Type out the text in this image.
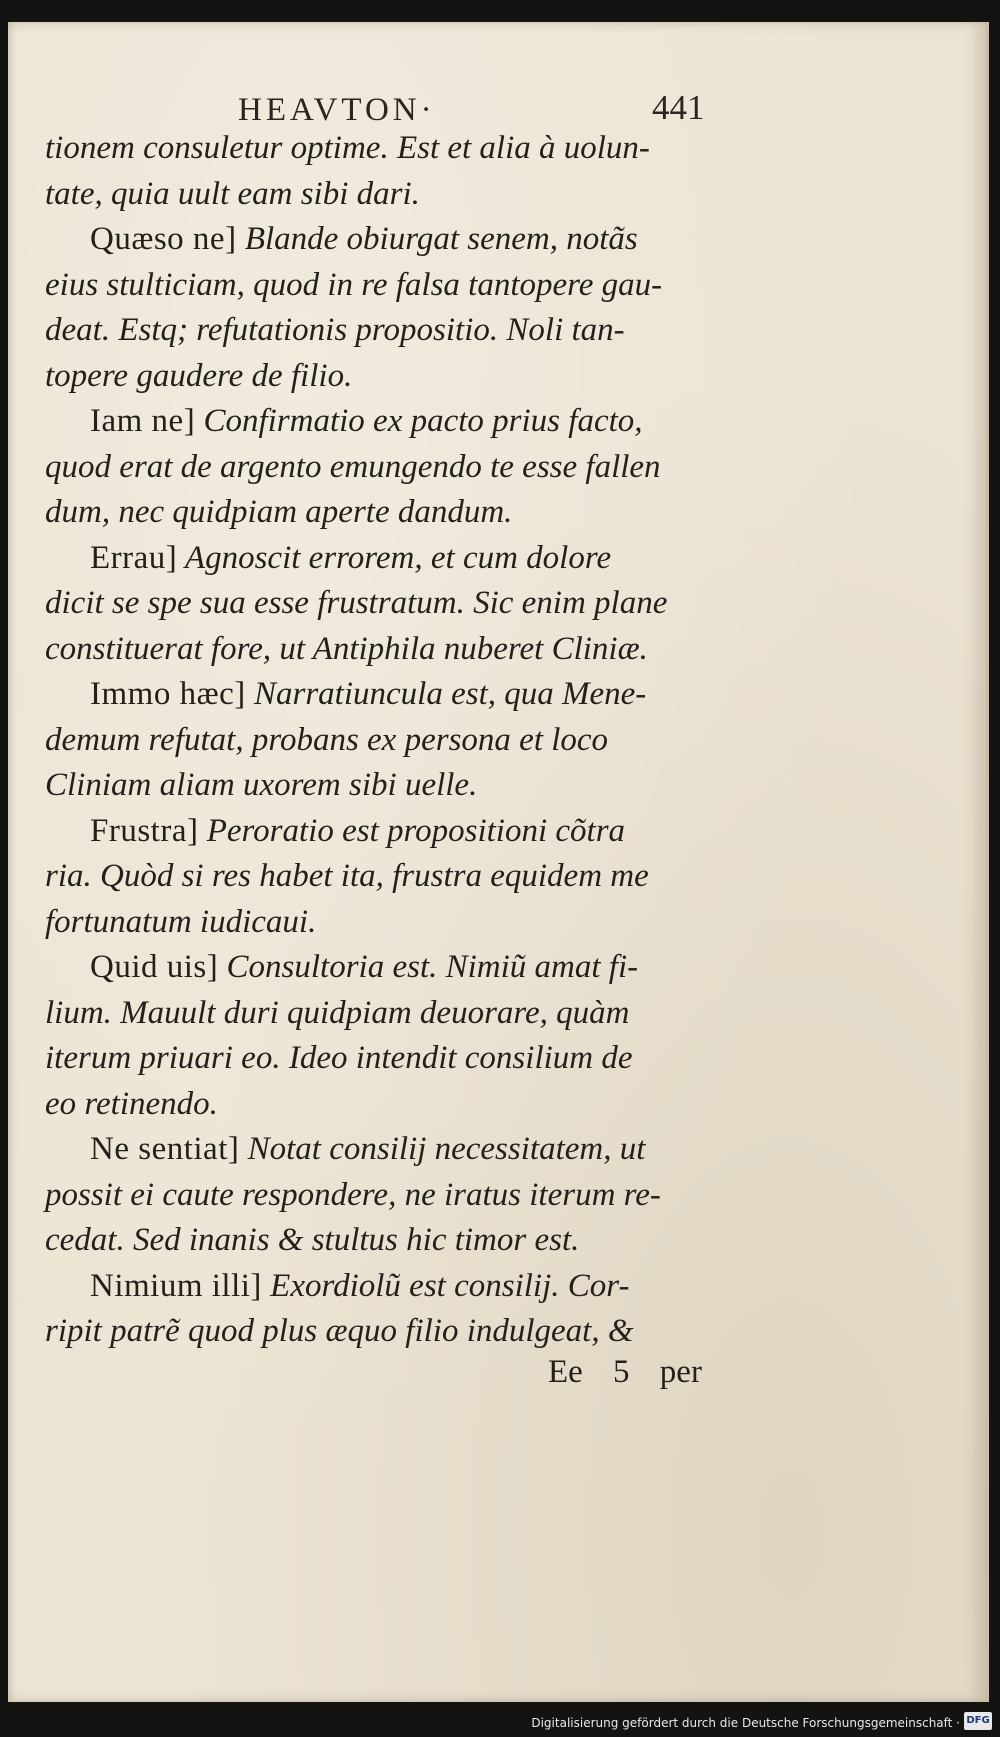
HEAVTON·	441
tionem consuletur optime. Est et alia à uolun-
tate, quia uult eam sibi dari.
Quæso ne] Blande obiurgat senem, notãs
eius stulticiam, quod in re falsa tantopere gau-
deat. Estq; refutationis propositio. Noli tan-
topere gaudere de filio.
Iam ne] Confirmatio ex pacto prius facto,
quod erat de argento emungendo te esse fallen
dum, nec quidpiam aperte dandum.
Errau] Agnoscit errorem, et cum dolore
dicit se spe sua esse frustratum. Sic enim plane
constituerat fore, ut Antiphila nuberet Cliniæ.
Immo hæc] Narratiuncula est, qua Mene-
demum refutat, probans ex persona et loco
Cliniam aliam uxorem sibi uelle.
Frustra] Peroratio est propositioni cõtra
ria. Quòd si res habet ita, frustra equidem me
fortunatum iudicaui.
Quid uis] Consultoria est. Nimiũ amat fi-
lium. Mauult duri quidpiam deuorare, quàm
iterum priuari eo. Ideo intendit consilium de
eo retinendo.
Ne sentiat] Notat consilij necessitatem, ut
possit ei caute respondere, ne iratus iterum re-
cedat. Sed inanis & stultus hic timor est.
Nimium illi] Exordiolũ est consilij. Cor-
ripit patrẽ quod plus æquo filio indulgeat, &
Ee 5 per
Digitalisierung gefördert durch die Deutsche Forschungsgemeinschaft · DFG
